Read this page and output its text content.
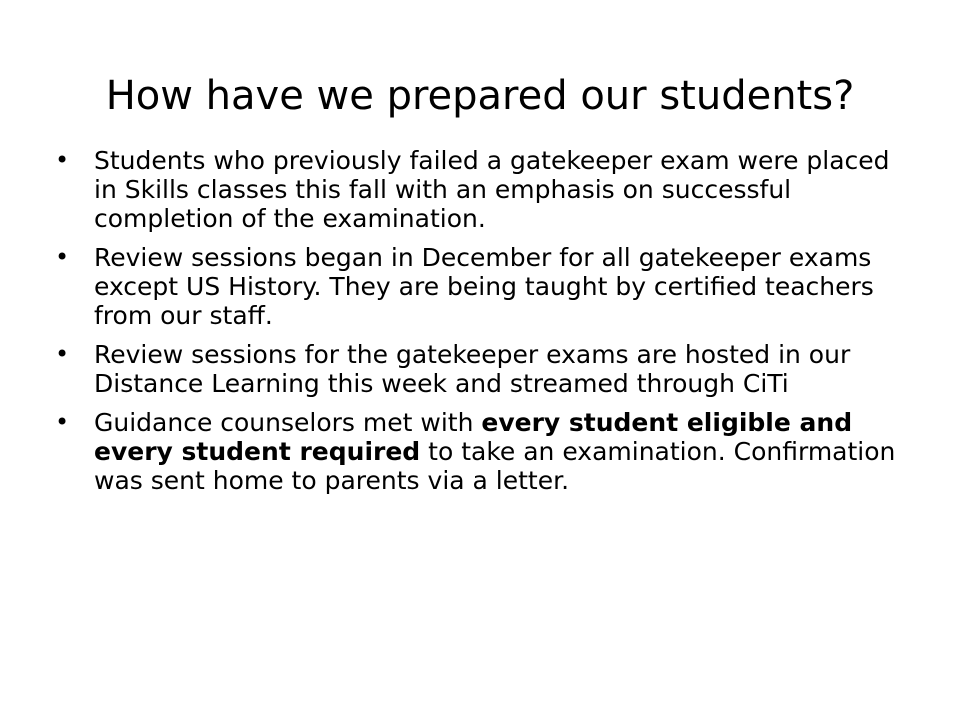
How have we prepared our students?
• Students who previously failed a gatekeeper exam were placed in Skills classes this fall with an emphasis on successful completion of the examination.
• Review sessions began in December for all gatekeeper exams except US History. They are being taught by certified teachers from our staff.
• Review sessions for the gatekeeper exams are hosted in our Distance Learning this week and streamed through CiTi
• Guidance counselors met with every student eligible and every student required to take an examination. Confirmation was sent home to parents via a letter.
